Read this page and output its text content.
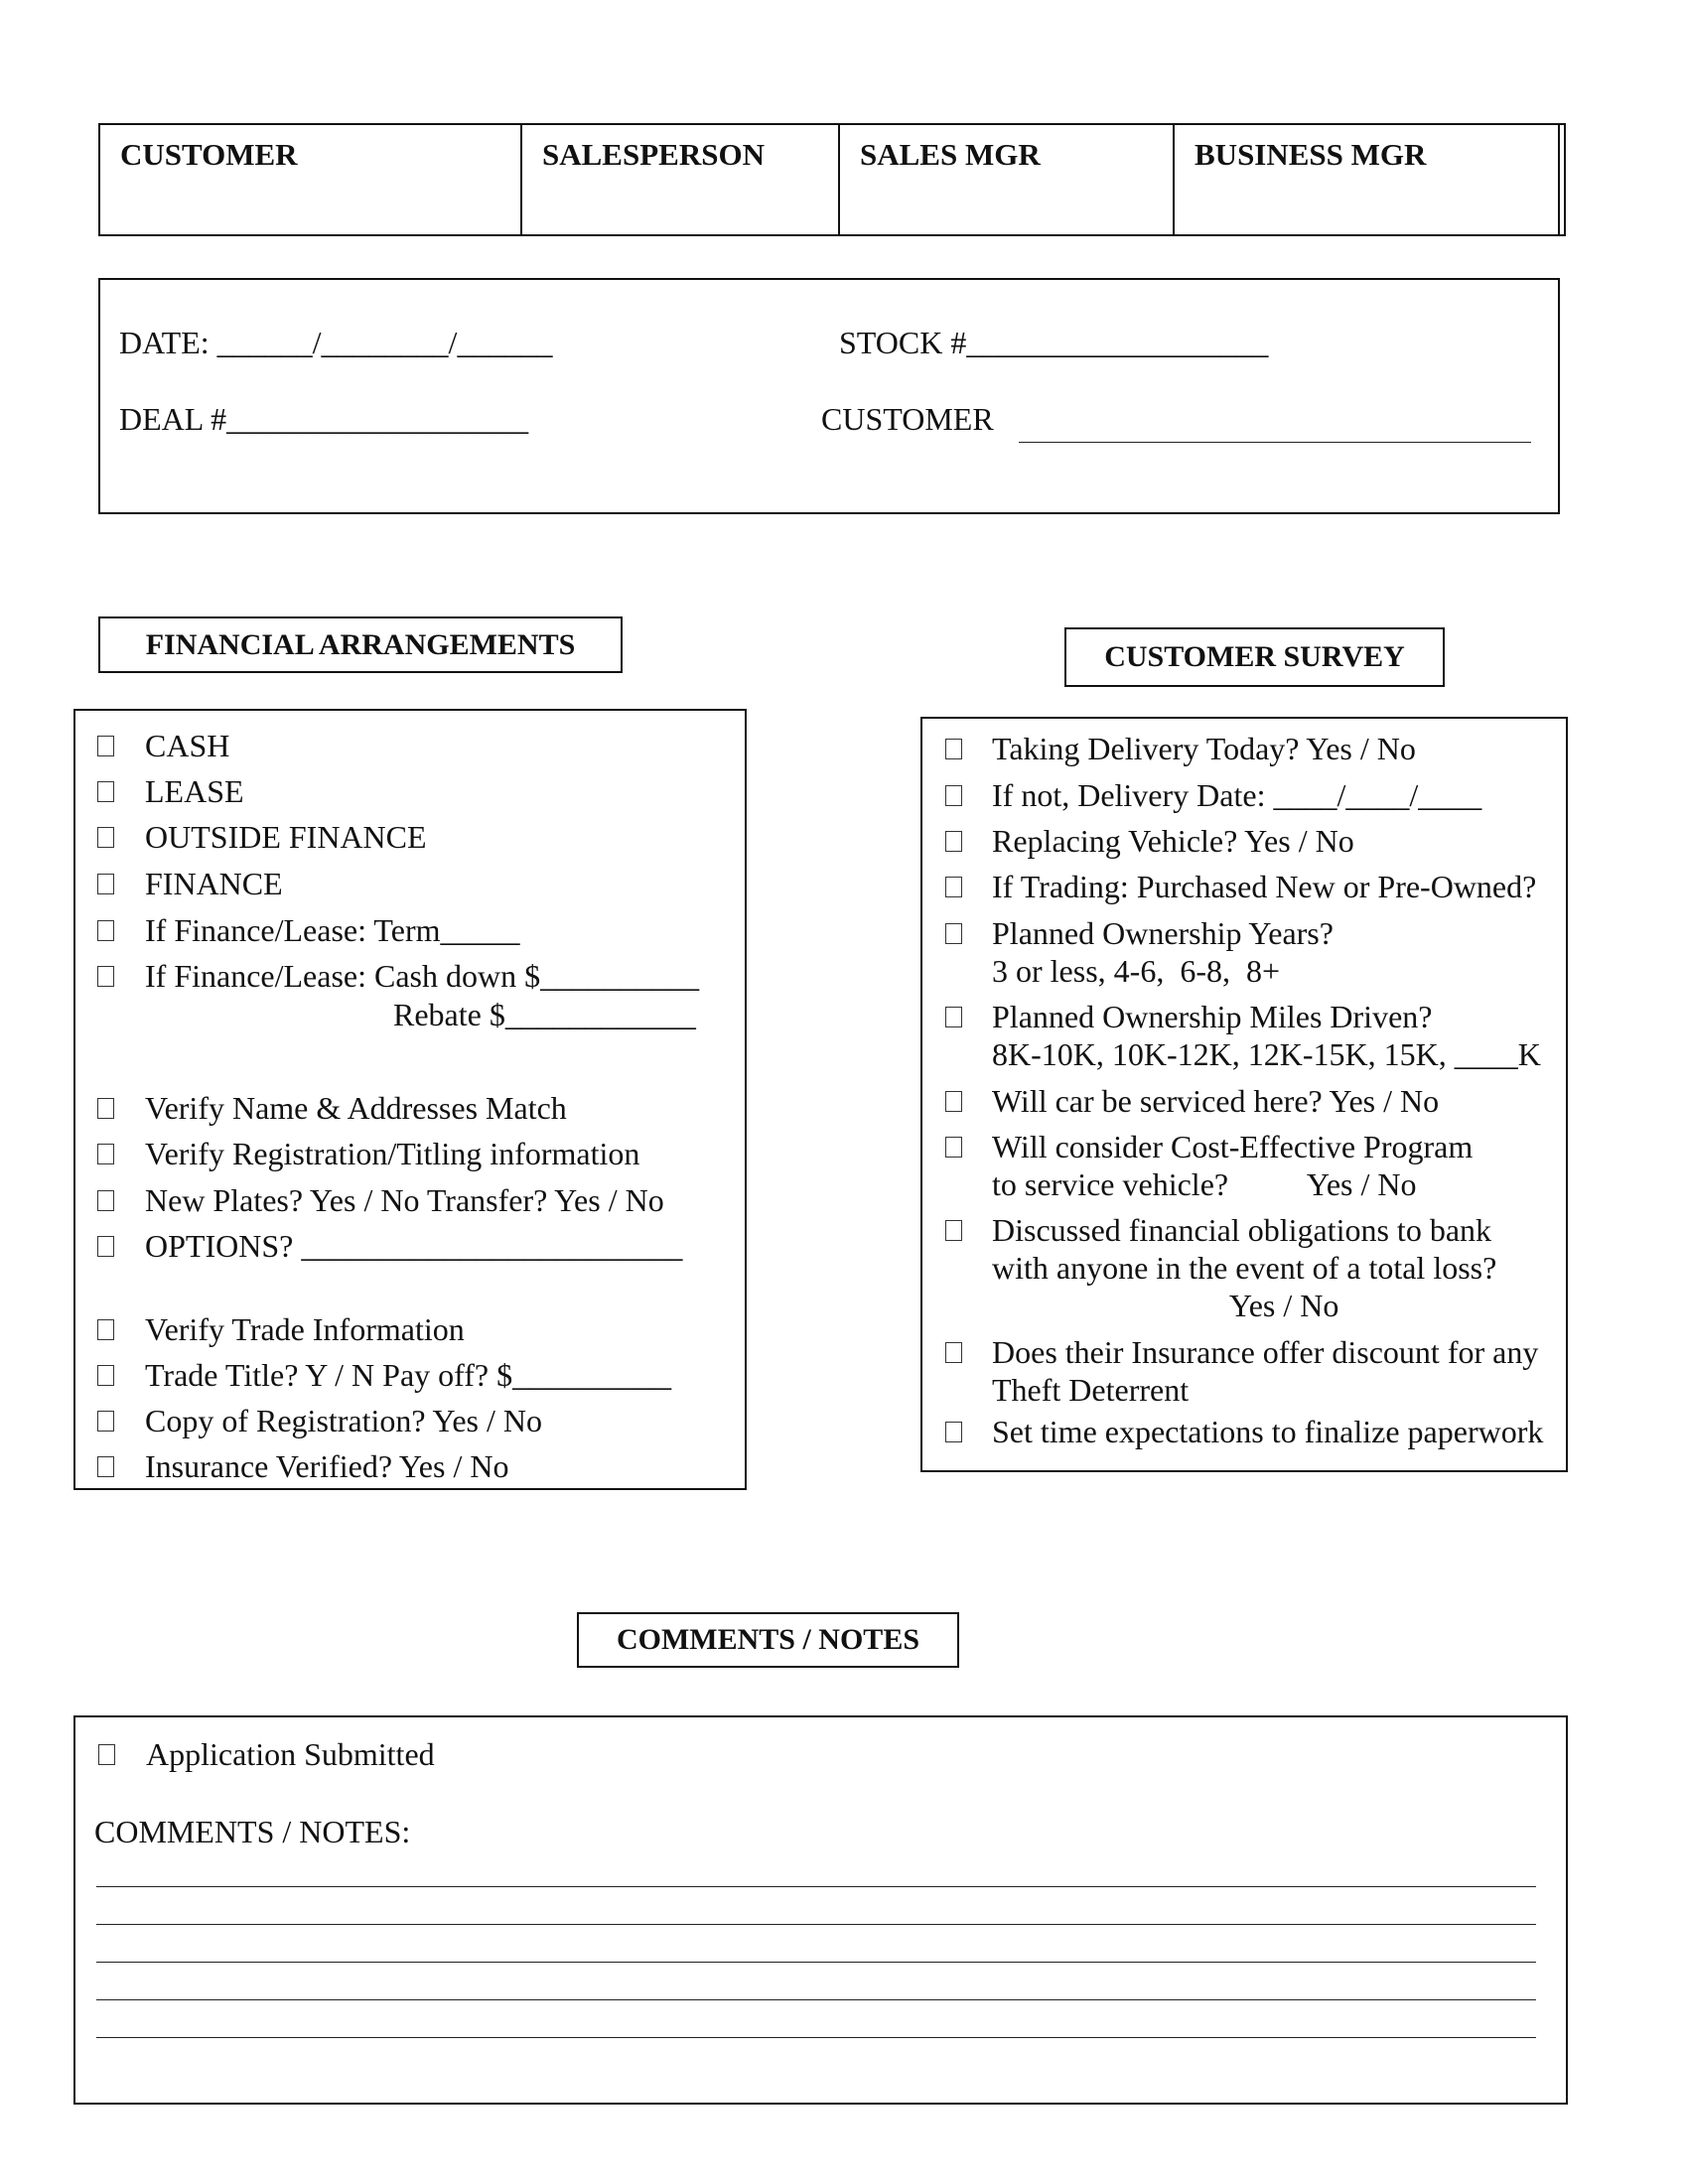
CUSTOMER	SALESPERSON	SALES MGR	BUSINESS MGR
DATE: ______/________/______	STOCK #___________________
DEAL #___________________	CUSTOMER
FINANCIAL ARRANGEMENTS
CASH
LEASE
OUTSIDE FINANCE
FINANCE
If Finance/Lease: Term_____
If Finance/Lease: Cash down $__________
Verify Name & Addresses Match
Verify Registration/Titling information
New Plates? Yes / No Transfer? Yes / No
OPTIONS? ________________________
Verify Trade Information
Trade Title? Y / N Pay off? $__________
Copy of Registration? Yes / No
Insurance Verified? Yes / No
Rebate $____________
CUSTOMER SURVEY
Taking Delivery Today? Yes / No
If not, Delivery Date: ____/____/____
Replacing Vehicle? Yes / No
If Trading: Purchased New or Pre-Owned?
Planned Ownership Years?
3 or less, 4-6,  6-8,  8+
Planned Ownership Miles Driven?
8K-10K, 10K-12K, 12K-15K, 15K, ____K
Will car be serviced here? Yes / No
Will consider Cost-Effective Program
to service vehicle?          Yes / No
Discussed financial obligations to bank
with anyone in the event of a total loss?
Yes / No
Does their Insurance offer discount for any
Theft Deterrent
Set time expectations to finalize paperwork
COMMENTS / NOTES
Application Submitted
COMMENTS / NOTES:
